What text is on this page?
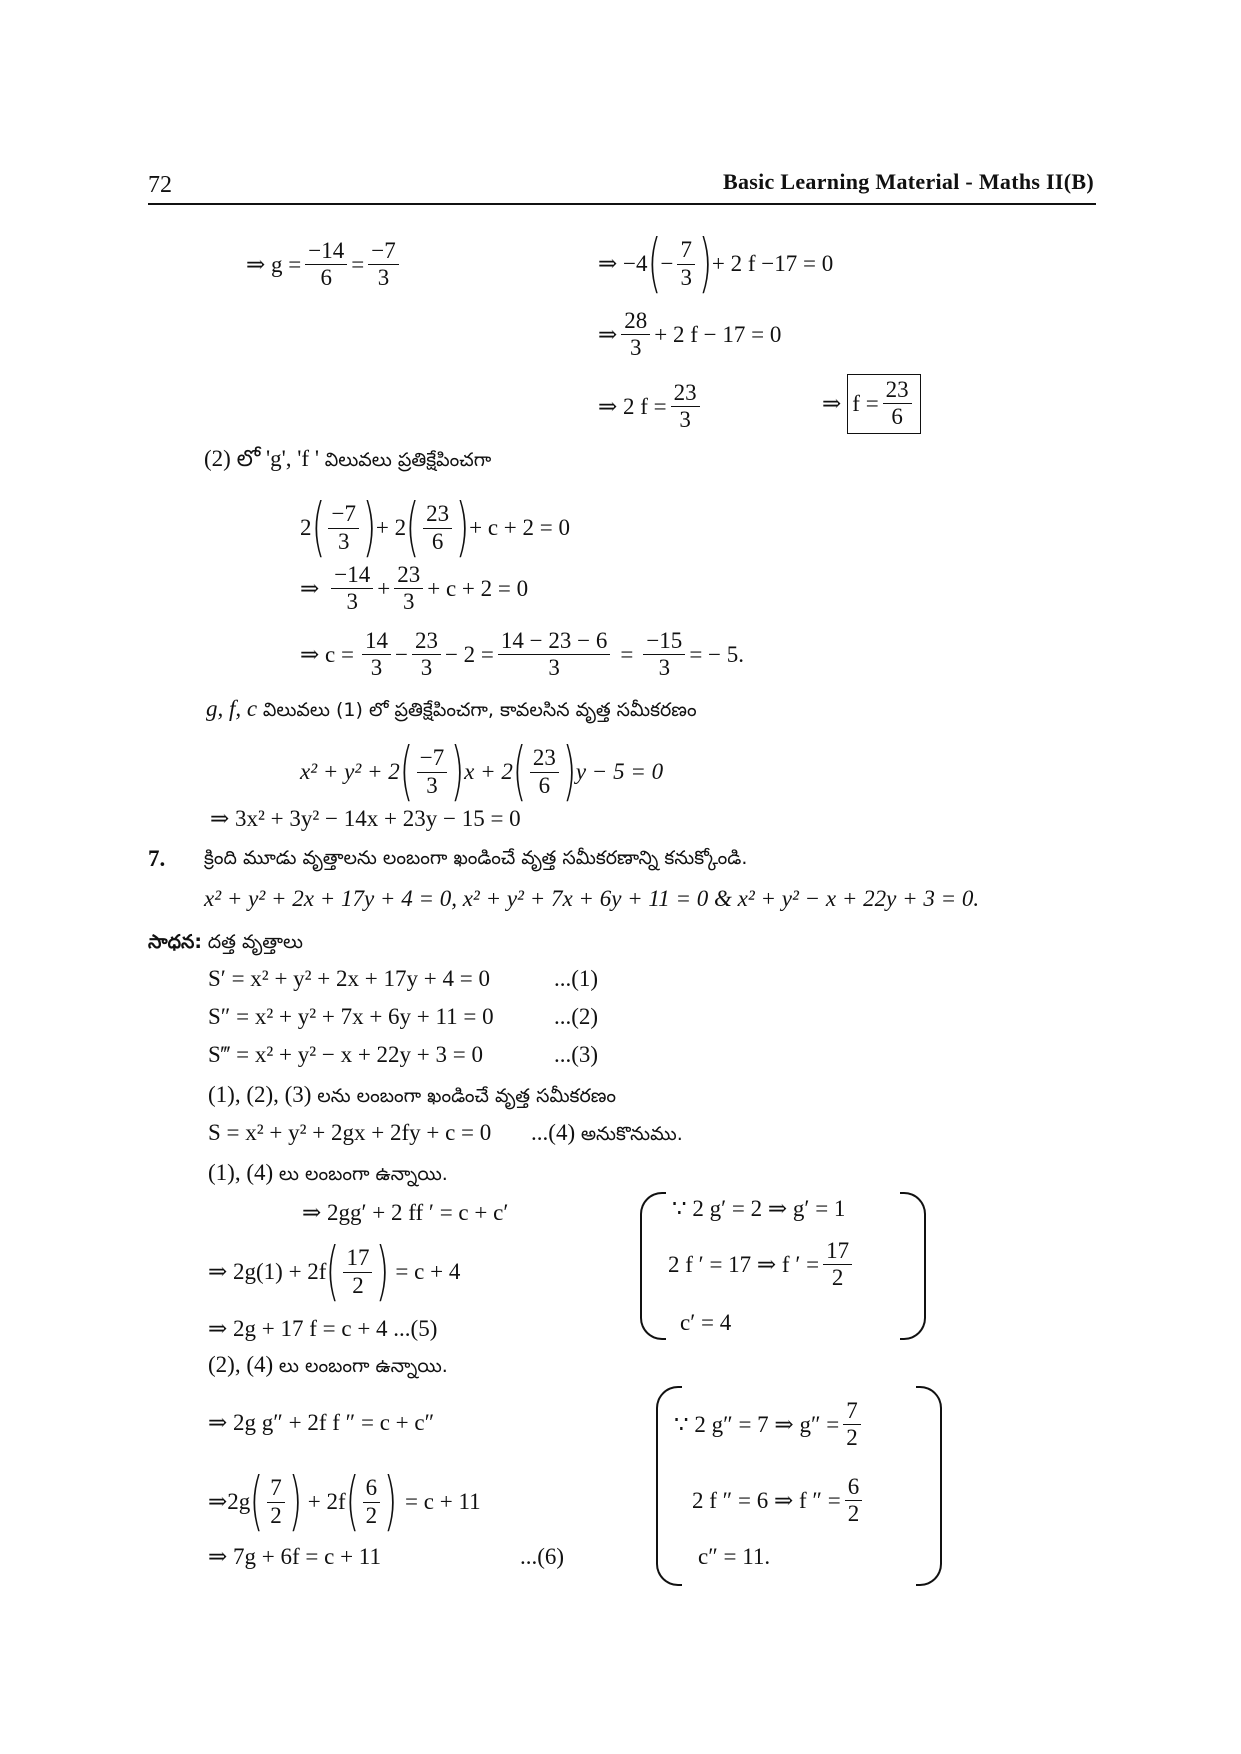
72	Basic Learning Material - Maths II(B)
⇒ $g = \frac{-14}{6} = \frac{-7}{3}$	⇒ −4 ( − $\frac{7}{3}$ ) + 2 f −17 = 0
⇒
28
3
+ 2 f − 17 = 0
⇒ 2 $f = \frac{23}{3}$	⇒ $f = \frac{23}{6}$
(2) లో 'g', 'f ' విలువలు ప్రతిక్షేపించగా
2 ( −7
3 ) + 2 ( 23
6 ) + c + 2 = 0
⇒
−14
3
+ $\frac{23}{3} + c + 2 = 0$
⇒ $c = \frac{14}{3} - \frac{23}{3} - 2 = \frac{14 - 23 - 6}{3} = \frac{-15}{3}$ = − 5.
g, f, c విలువలు (1) లో ప్రతిక్షేపించగా, కావలసిన వృత్త సమీకరణం
x² + y² + 2 ( −7
3 ) x + 2 ( 23
6 ) y − 5 = 0
⇒ 3x² + 3y² − 14x + 23y − 15 = 0
7. క్రింది మూడు వృత్తాలను లంబంగా ఖండించే వృత్త సమీకరణాన్ని కనుక్కోండి.
x² + y² + 2x + 17y + 4 = 0, x² + y² + 7x + 6y + 11 = 0 & x² + y² − x + 22y + 3 = 0.
సాధన: దత్త వృత్తాలు
S′ = x² + y² + 2x + 17y + 4 = 0	...(1)
S″ = x² + y² + 7x + 6y + 11 = 0	...(2)
S‴ = x² + y² − x + 22y + 3 = 0	...(3)
(1), (2), (3) లను లంబంగా ఖండించే వృత్త సమీకరణం
S = x² + y² + 2gx + 2fy + c = 0 ...(4) అనుకొనుము.
(1), (4) లు లంబంగా ఉన్నాయి.
⇒ 2gg′ + 2 ff ′ = c + c′
⇒ 2g(1) + 2f ( 17
2 ) = c + 4
⇒ 2g + 17 f = c + 4 ...(5)
∵ 2 g′ = 2 ⇒ g′ = 1
2 f ′ = 17 ⇒ f ′ = $\frac{17}{2}$
c′ = 4
(2), (4) లు లంబంగా ఉన్నాయి.
⇒ 2g g″ + 2f f ″ = c + c″
⇒2g ( 7
2 ) + 2f ( 6
2 ) = c + 11
⇒ 7g + 6f = c + 11	...(6)
∵ 2 g″ = 7 ⇒ $g'' = \frac{7}{2}$
2 f ″ = 6 ⇒ f ″ = $\frac{6}{2}$
c″ = 11.
